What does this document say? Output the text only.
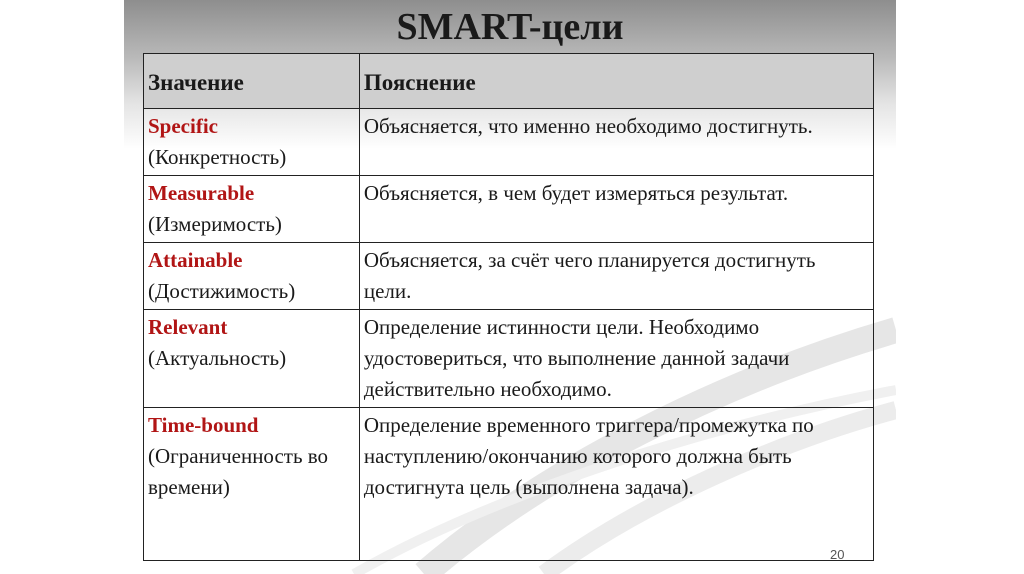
SMART-цели
Значение	Пояснение

Specific
(Конкретность)	Объясняется, что именно необходимо достигнуть.

Measurable
(Измеримость)	Объясняется, в чем будет измеряться результат.

Attainable
(Достижимость)	Объясняется, за счёт чего планируется достигнуть цели.

Relevant
(Актуальность)	Определение истинности цели. Необходимо удостовериться, что выполнение данной задачи действительно необходимо.

Time-bound
(Ограниченность во времени)	Определение временного триггера/промежутка по наступлению/окончанию которого должна быть достигнута цель (выполнена задача).
20
